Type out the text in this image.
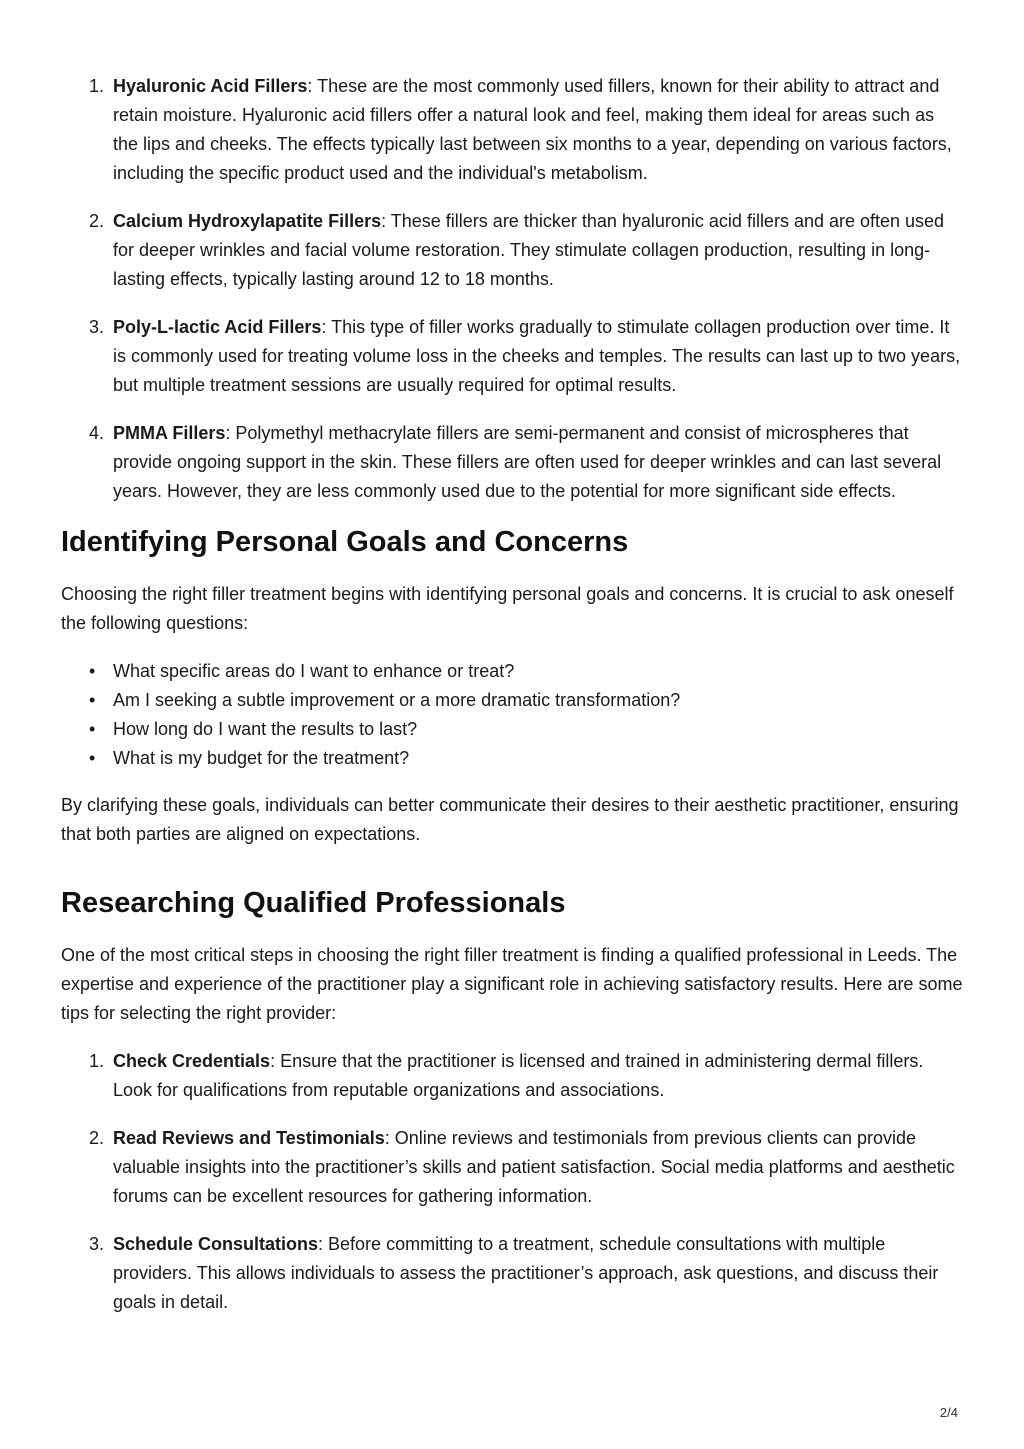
1. Hyaluronic Acid Fillers: These are the most commonly used fillers, known for their ability to attract and retain moisture. Hyaluronic acid fillers offer a natural look and feel, making them ideal for areas such as the lips and cheeks. The effects typically last between six months to a year, depending on various factors, including the specific product used and the individual's metabolism.
2. Calcium Hydroxylapatite Fillers: These fillers are thicker than hyaluronic acid fillers and are often used for deeper wrinkles and facial volume restoration. They stimulate collagen production, resulting in long-lasting effects, typically lasting around 12 to 18 months.
3. Poly-L-lactic Acid Fillers: This type of filler works gradually to stimulate collagen production over time. It is commonly used for treating volume loss in the cheeks and temples. The results can last up to two years, but multiple treatment sessions are usually required for optimal results.
4. PMMA Fillers: Polymethyl methacrylate fillers are semi-permanent and consist of microspheres that provide ongoing support in the skin. These fillers are often used for deeper wrinkles and can last several years. However, they are less commonly used due to the potential for more significant side effects.
Identifying Personal Goals and Concerns

Choosing the right filler treatment begins with identifying personal goals and concerns. It is crucial to ask oneself the following questions:

• What specific areas do I want to enhance or treat?
• Am I seeking a subtle improvement or a more dramatic transformation?
• How long do I want the results to last?
• What is my budget for the treatment?

By clarifying these goals, individuals can better communicate their desires to their aesthetic practitioner, ensuring that both parties are aligned on expectations.

Researching Qualified Professionals

One of the most critical steps in choosing the right filler treatment is finding a qualified professional in Leeds. The expertise and experience of the practitioner play a significant role in achieving satisfactory results. Here are some tips for selecting the right provider:

1. Check Credentials: Ensure that the practitioner is licensed and trained in administering dermal fillers. Look for qualifications from reputable organizations and associations.
2. Read Reviews and Testimonials: Online reviews and testimonials from previous clients can provide valuable insights into the practitioner’s skills and patient satisfaction. Social media platforms and aesthetic forums can be excellent resources for gathering information.
3. Schedule Consultations: Before committing to a treatment, schedule consultations with multiple providers. This allows individuals to assess the practitioner’s approach, ask questions, and discuss their goals in detail.
2/4
